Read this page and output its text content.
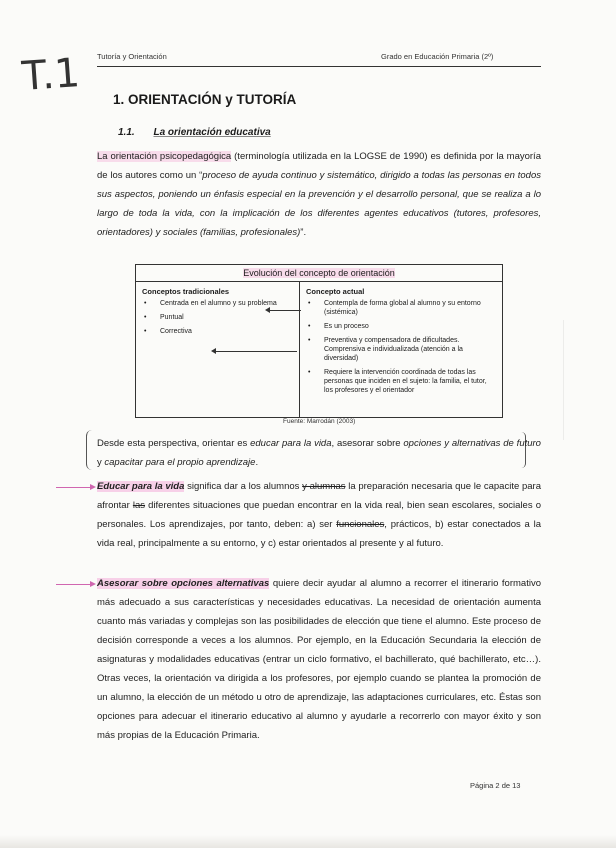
T.1 Tutoría y Orientación	Grado en Educación Primaria (2º)
1. ORIENTACIÓN y TUTORÍA
1.1. La orientación educativa
La orientación psicopedagógica (terminología utilizada en la LOGSE de 1990) es definida por la mayoría de los autores como un “proceso de ayuda continuo y sistemático, dirigido a todas las personas en todos sus aspectos, poniendo un énfasis especial en la prevención y el desarrollo personal, que se realiza a lo largo de toda la vida, con la implicación de los diferentes agentes educativos (tutores, profesores, orientadores) y sociales (familias, profesionales)”.
Evolución del concepto de orientación
Conceptos tradicionales
• Centrada en el alumno y su problema
• Puntual
• Correctiva
Concepto actual
• Contempla de forma global al alumno y su entorno (sistémica)
• Es un proceso
• Preventiva y compensadora de dificultades. Comprensiva e individualizada (atención a la diversidad)
• Requiere la intervención coordinada de todas las personas que inciden en el sujeto: la familia, el tutor, los profesores y el orientador
Fuente: Marrodán (2003)
Desde esta perspectiva, orientar es educar para la vida, asesorar sobre opciones y alternativas de futuro y capacitar para el propio aprendizaje.
Educar para la vida significa dar a los alumnos y alumnas la preparación necesaria que le capacite para afrontar las diferentes situaciones que puedan encontrar en la vida real, bien sean escolares, sociales o personales. Los aprendizajes, por tanto, deben: a) ser funcionales, prácticos, b) estar conectados a la vida real, principalmente a su entorno, y c) estar orientados al presente y al futuro.
Asesorar sobre opciones alternativas quiere decir ayudar al alumno a recorrer el itinerario formativo más adecuado a sus características y necesidades educativas. La necesidad de orientación aumenta cuanto más variadas y complejas son las posibilidades de elección que tiene el alumno. Este proceso de decisión corresponde a veces a los alumnos. Por ejemplo, en la Educación Secundaria la elección de asignaturas y modalidades educativas (entrar un ciclo formativo, el bachillerato, qué bachillerato, etc…). Otras veces, la orientación va dirigida a los profesores, por ejemplo cuando se plantea la promoción de un alumno, la elección de un método u otro de aprendizaje, las adaptaciones curriculares, etc. Éstas son opciones para adecuar el itinerario educativo al alumno y ayudarle a recorrerlo con mayor éxito y son más propias de la Educación Primaria.
Página 2 de 13
